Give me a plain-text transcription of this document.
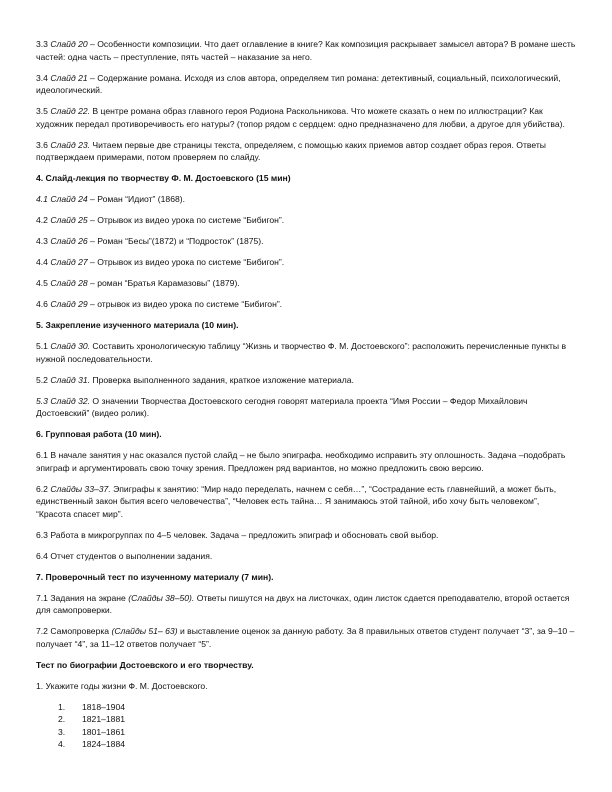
3.3 Слайд 20 – Особенности композиции. Что дает оглавление в книге? Как композиция раскрывает замысел автора? В романе шесть частей: одна часть – преступление, пять частей – наказание за него.

3.4 Слайд 21 – Содержание романа. Исходя из слов автора, определяем тип романа: детективный, социальный, психологический, идеологический.

3.5 Слайд 22. В центре романа образ главного героя Родиона Раскольникова. Что можете сказать о нем по иллюстрации? Как художник передал противоречивость его натуры? (топор рядом с сердцем: одно предназначено для любви, а другое для убийства).

3.6 Слайд 23. Читаем первые две страницы текста, определяем, с помощью каких приемов автор создает образ героя. Ответы подтверждаем примерами, потом проверяем по слайду.

4. Слайд-лекция по творчеству Ф. М. Достоевского (15 мин)

4.1 Слайд 24 – Роман “Идиот” (1868).

4.2 Слайд 25 – Отрывок из видео урока по системе “Бибигон”.

4.3 Слайд 26 – Роман “Бесы”(1872) и “Подросток” (1875).

4.4 Слайд 27 – Отрывок из видео урока по системе “Бибигон”.

4.5 Слайд 28 – роман “Братья Карамазовы” (1879).

4.6 Слайд 29 – отрывок из видео урока по системе “Бибигон”.

5. Закрепление изученного материала (10 мин).

5.1 Слайд 30. Составить хронологическую таблицу “Жизнь и творчество Ф. М. Достоевского”: расположить перечисленные пункты в нужной последовательности.

5.2 Слайд 31. Проверка выполненного задания, краткое изложение материала.

5.3 Слайд 32. О значении Творчества Достоевского сегодня говорят материала проекта “Имя России – Федор Михайлович Достоевский” (видео ролик).

6. Групповая работа (10 мин).

6.1 В начале занятия у нас оказался пустой слайд – не было эпиграфа. необходимо исправить эту оплошность. Задача –подобрать эпиграф и аргументировать свою точку зрения. Предложен ряд вариантов, но можно предложить свою версию.

6.2 Слайды 33–37. Эпиграфы к занятию: “Мир надо переделать, начнем с себя…”, “Сострадание есть главнейший, а может быть, единственный закон бытия всего человечества”, “Человек есть тайна… Я занимаюсь этой тайной, ибо хочу быть человеком”, “Красота спасет мир”.

6.3 Работа в микрогруппах по 4–5 человек. Задача – предложить эпиграф и обосновать свой выбор.

6.4 Отчет студентов о выполнении задания.

7. Проверочный тест по изученному материалу (7 мин).

7.1 Задания на экране (Слайды 38–50). Ответы пишутся на двух на листочках, один листок сдается преподавателю, второй остается для самопроверки.

7.2 Самопроверка (Слайды 51– 63) и выставление оценок за данную работу. За 8 правильных ответов студент получает “3”, за 9–10 – получает “4”, за 11–12 ответов получает “5”.

Тест по биографии Достоевского и его творчеству.

1. Укажите годы жизни Ф. М. Достоевского.

1.	1818–1904
2.	1821–1881
3.	1801–1861
4.	1824–1884
